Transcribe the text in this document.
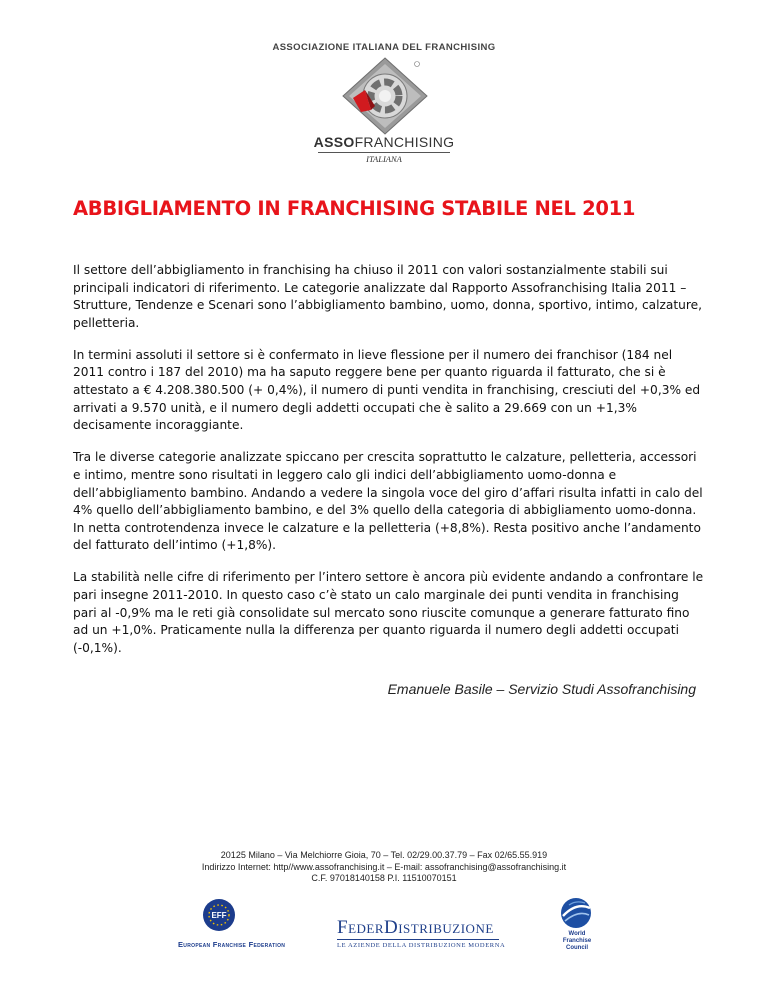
ASSOCIAZIONE ITALIANA DEL FRANCHISING
ASSOFRANCHISING
ITALIANA
ABBIGLIAMENTO IN FRANCHISING STABILE NEL 2011

Il settore dell’abbigliamento in franchising ha chiuso il 2011 con valori sostanzialmente stabili sui principali indicatori di riferimento. Le categorie analizzate dal Rapporto Assofranchising Italia 2011 – Strutture, Tendenze e Scenari sono l’abbigliamento bambino, uomo, donna, sportivo, intimo, calzature, pelletteria.

In termini assoluti il settore si è confermato in lieve flessione per il numero dei franchisor (184 nel 2011 contro i 187 del 2010) ma ha saputo reggere bene per quanto riguarda il fatturato, che si è attestato a € 4.208.380.500 (+ 0,4%), il numero di punti vendita in franchising, cresciuti del +0,3% ed arrivati a 9.570 unità, e il numero degli addetti occupati che è salito a 29.669 con un +1,3% decisamente incoraggiante.

Tra le diverse categorie analizzate spiccano per crescita soprattutto le calzature, pelletteria, accessori e intimo, mentre sono risultati in leggero calo gli indici dell’abbigliamento uomo-donna e dell’abbigliamento bambino. Andando a vedere la singola voce del giro d’affari risulta infatti in calo del 4% quello dell’abbigliamento bambino, e del 3% quello della categoria di abbigliamento uomo-donna. In netta controtendenza invece le calzature e la pelletteria (+8,8%). Resta positivo anche l’andamento del fatturato dell’intimo (+1,8%).

La stabilità nelle cifre di riferimento per l’intero settore è ancora più evidente andando a confrontare le pari insegne 2011-2010. In questo caso c’è stato un calo marginale dei punti vendita in franchising pari al -0,9% ma le reti già consolidate sul mercato sono riuscite comunque a generare fatturato fino ad un +1,0%. Praticamente nulla la differenza per quanto riguarda il numero degli addetti occupati (-0,1%).

Emanuele Basile – Servizio Studi Assofranchising
20125 Milano – Via Melchiorre Gioia, 70 – Tel. 02/29.00.37.79 – Fax 02/65.55.919
Indirizzo Internet: http//www.assofranchising.it – E-mail: assofranchising@assofranchising.it
C.F. 97018140158 P.I. 11510070151
EFF
European Franchise Federation
FederDistribuzione
LE AZIENDE DELLA DISTRIBUZIONE MODERNA
World
Franchise
Council
